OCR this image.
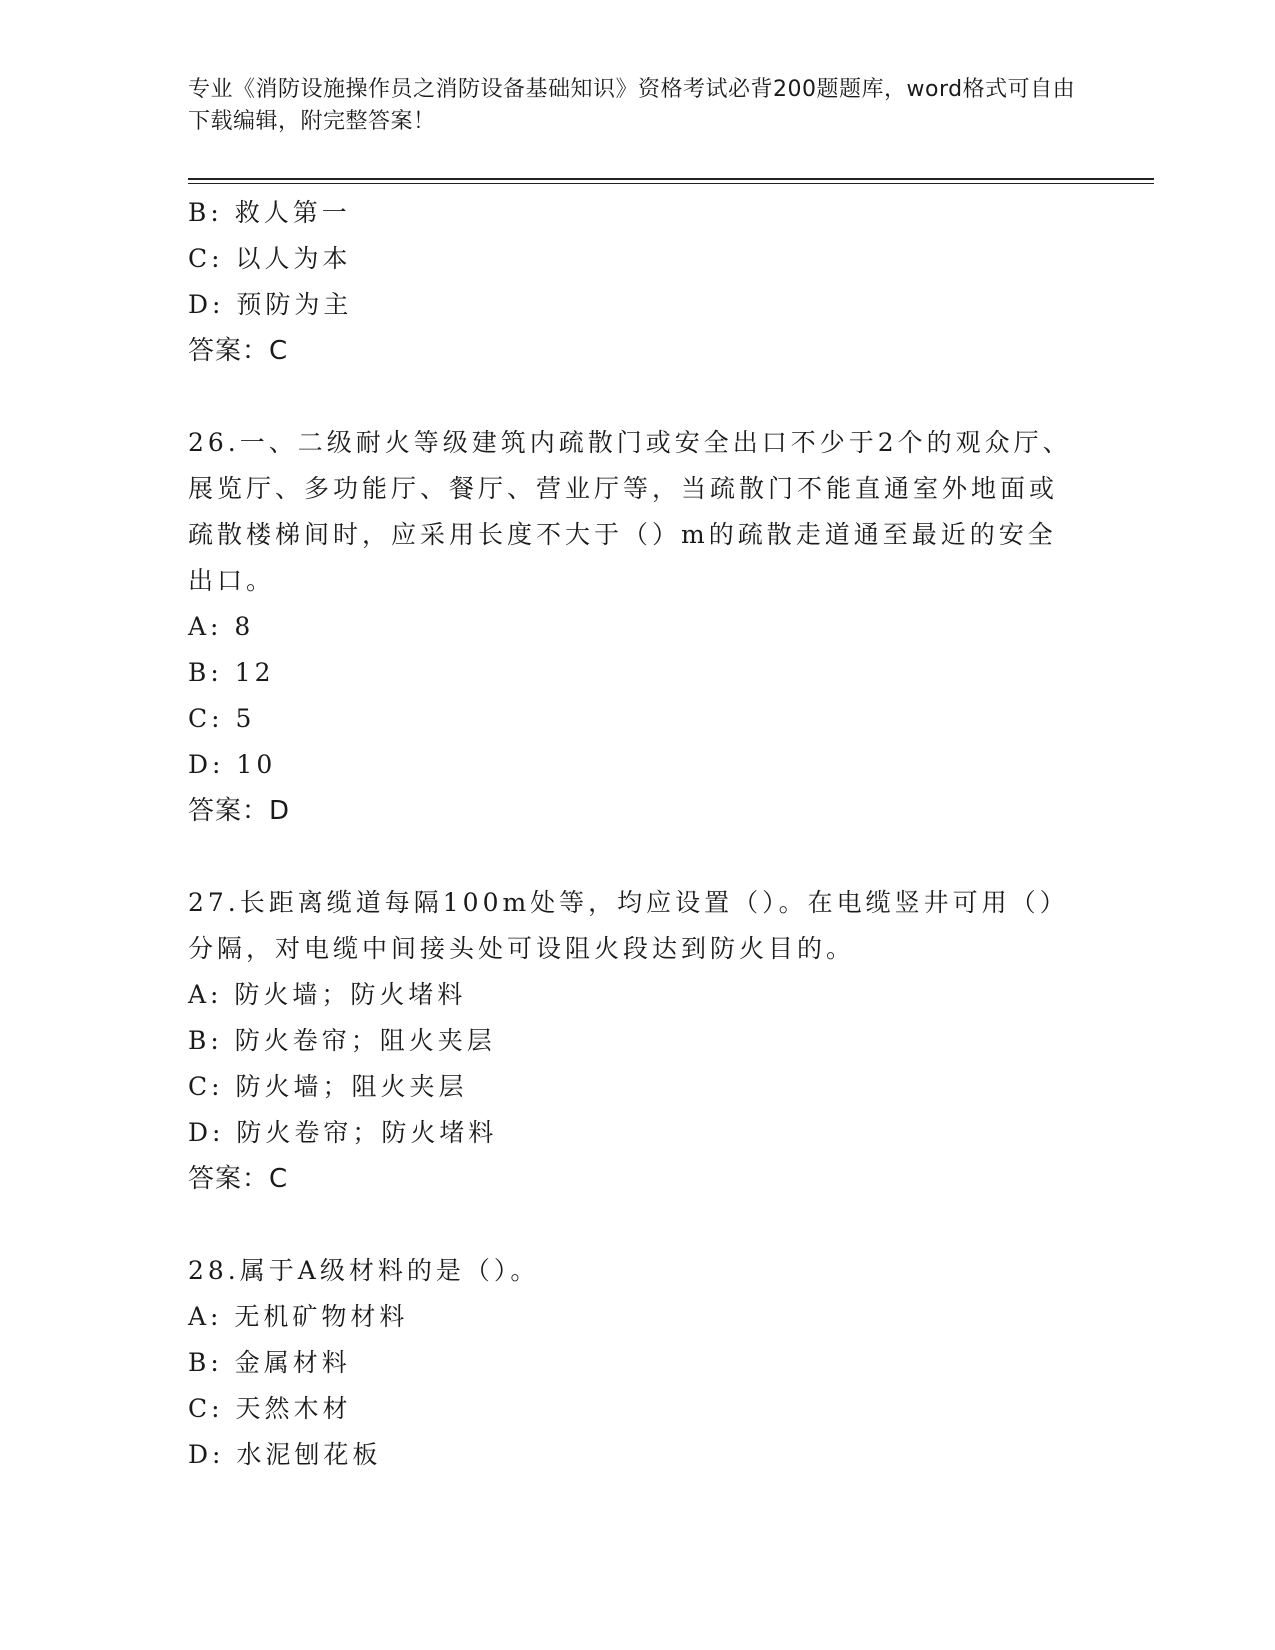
专业《消防设施操作员之消防设备基础知识》资格考试必背200题题库，word格式可自由下载编辑，附完整答案！
B: 救人第一
C: 以人为本
D: 预防为主
答案：C
26.一、二级耐火等级建筑内疏散门或安全出口不少于2个的观众厅、展览厅、多功能厅、餐厅、营业厅等，当疏散门不能直通室外地面或疏散楼梯间时，应采用长度不大于（）m的疏散走道通至最近的安全出口。
A: 8
B: 12
C: 5
D: 10
答案：D
27.长距离缆道每隔100m处等，均应设置（）。在电缆竖井可用（）分隔，对电缆中间接头处可设阻火段达到防火目的。
A: 防火墙；防火堵料
B: 防火卷帘；阻火夹层
C: 防火墙；阻火夹层
D: 防火卷帘；防火堵料
答案：C
28.属于A级材料的是（）。
A: 无机矿物材料
B: 金属材料
C: 天然木材
D: 水泥刨花板
